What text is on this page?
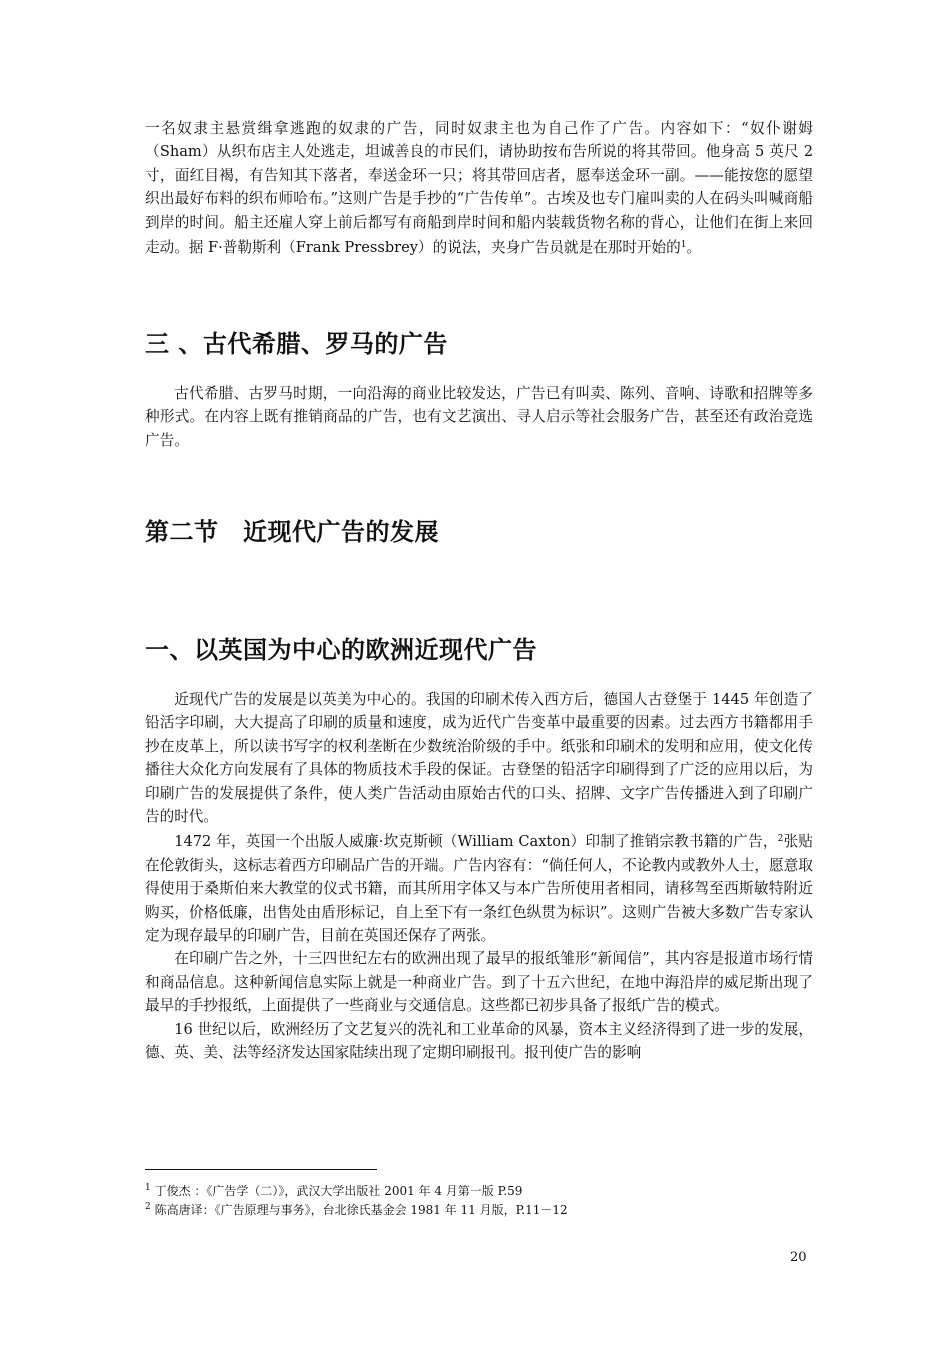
一名奴隶主悬赏缉拿逃跑的奴隶的广告，同时奴隶主也为自己作了广告。内容如下：“奴仆谢姆（Sham）从织布店主人处逃走，坦诚善良的市民们，请协助按布告所说的将其带回。他身高 5 英尺 2 寸，面红目褐，有告知其下落者，奉送金环一只；将其带回店者，愿奉送金环一副。——能按您的愿望织出最好布料的织布师哈布。”这则广告是手抄的“广告传单”。古埃及也专门雇叫卖的人在码头叫喊商船到岸的时间。船主还雇人穿上前后都写有商船到岸时间和船内装载货物名称的背心，让他们在街上来回走动。据 F·普勒斯利（Frank Pressbrey）的说法，夹身广告员就是在那时开始的$^1$。

三 、古代希腊、罗马的广告

古代希腊、古罗马时期，一向沿海的商业比较发达，广告已有叫卖、陈列、音响、诗歌和招牌等多种形式。在内容上既有推销商品的广告，也有文艺演出、寻人启示等社会服务广告，甚至还有政治竞选广告。

第二节　近现代广告的发展
一、以英国为中心的欧洲近现代广告

近现代广告的发展是以英美为中心的。我国的印刷术传入西方后，德国人古登堡于 1445 年创造了铅活字印刷，大大提高了印刷的质量和速度，成为近代广告变革中最重要的因素。过去西方书籍都用手抄在皮革上，所以读书写字的权利垄断在少数统治阶级的手中。纸张和印刷术的发明和应用，使文化传播往大众化方向发展有了具体的物质技术手段的保证。古登堡的铅活字印刷得到了广泛的应用以后，为印刷广告的发展提供了条件，使人类广告活动由原始古代的口头、招牌、文字广告传播进入到了印刷广告的时代。

1472 年，英国一个出版人威廉·坎克斯顿（William Caxton）印制了推销宗教书籍的广告，$^2$张贴在伦敦街头，这标志着西方印刷品广告的开端。广告内容有：“倘任何人，不论教内或教外人士，愿意取得使用于桑斯伯来大教堂的仪式书籍，而其所用字体又与本广告所使用者相同，请移驾至西斯敏特附近购买，价格低廉，出售处由盾形标记，自上至下有一条红色纵贯为标识”。这则广告被大多数广告专家认定为现存最早的印刷广告，目前在英国还保存了两张。

在印刷广告之外，十三四世纪左右的欧洲出现了最早的报纸雏形“新闻信”，其内容是报道市场行情和商品信息。这种新闻信息实际上就是一种商业广告。到了十五六世纪，在地中海沿岸的威尼斯出现了最早的手抄报纸，上面提供了一些商业与交通信息。这些都已初步具备了报纸广告的模式。

16 世纪以后，欧洲经历了文艺复兴的洗礼和工业革命的风暴，资本主义经济得到了进一步的发展，德、英、美、法等经济发达国家陆续出现了定期印刷报刊。报刊使广告的影响

$^1$ 丁俊杰 ：《广告学（二）》，武汉大学出版社 2001 年 4 月第一版 P.59
$^2$ 陈高唐译：《广告原理与事务》，台北徐氏基金会 1981 年 11 月版，P.11－12
20
